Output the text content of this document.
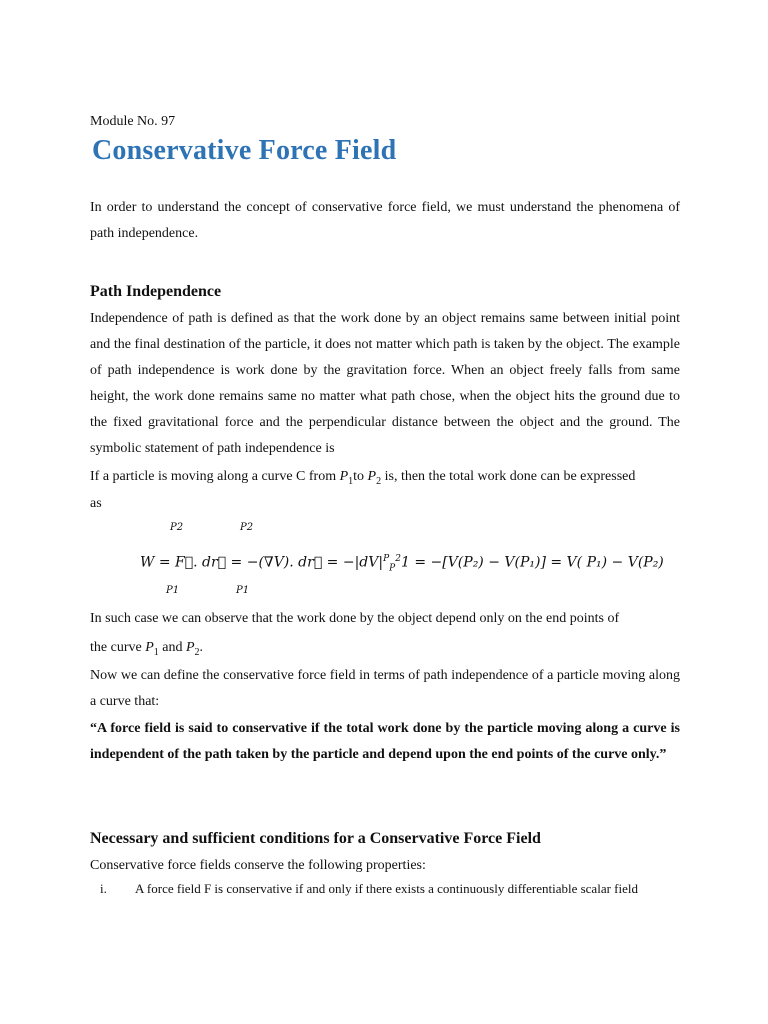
Module No. 97
Conservative Force Field
In order to understand the concept of conservative force field, we must understand the phenomena of path independence.
Path Independence
Independence of path is defined as that the work done by an object remains same between initial point and the final destination of the particle, it does not matter which path is taken by the object. The example of path independence is work done by the gravitation force. When an object freely falls from same height, the work done remains same no matter what path chose, when the object hits the ground due to the fixed gravitational force and the perpendicular distance between the object and the ground. The symbolic statement of path independence is
If a particle is moving along a curve C from $P_1to$ $P_2$ is, then the total work done can be expressed
as
P2	P2
W = F⃗. dr⃗ = −(∇V). dr⃗ = $-|dV|^P_P^21 = -[V(P_2) - V(P_1)] = V$( P₁) − V(P₂)
P1	P1
In such case we can observe that the work done by the object depend only on the end points of
the curve $P_1$ and $P_2$.
Now we can define the conservative force field in terms of path independence of a particle moving along a curve that:
“A force field is said to conservative if the total work done by the particle moving along a curve is independent of the path taken by the particle and depend upon the end points of the curve only.”
Necessary and sufficient conditions for a Conservative Force Field
Conservative force fields conserve the following properties:
i. A force field F is conservative if and only if there exists a continuously differentiable scalar field
